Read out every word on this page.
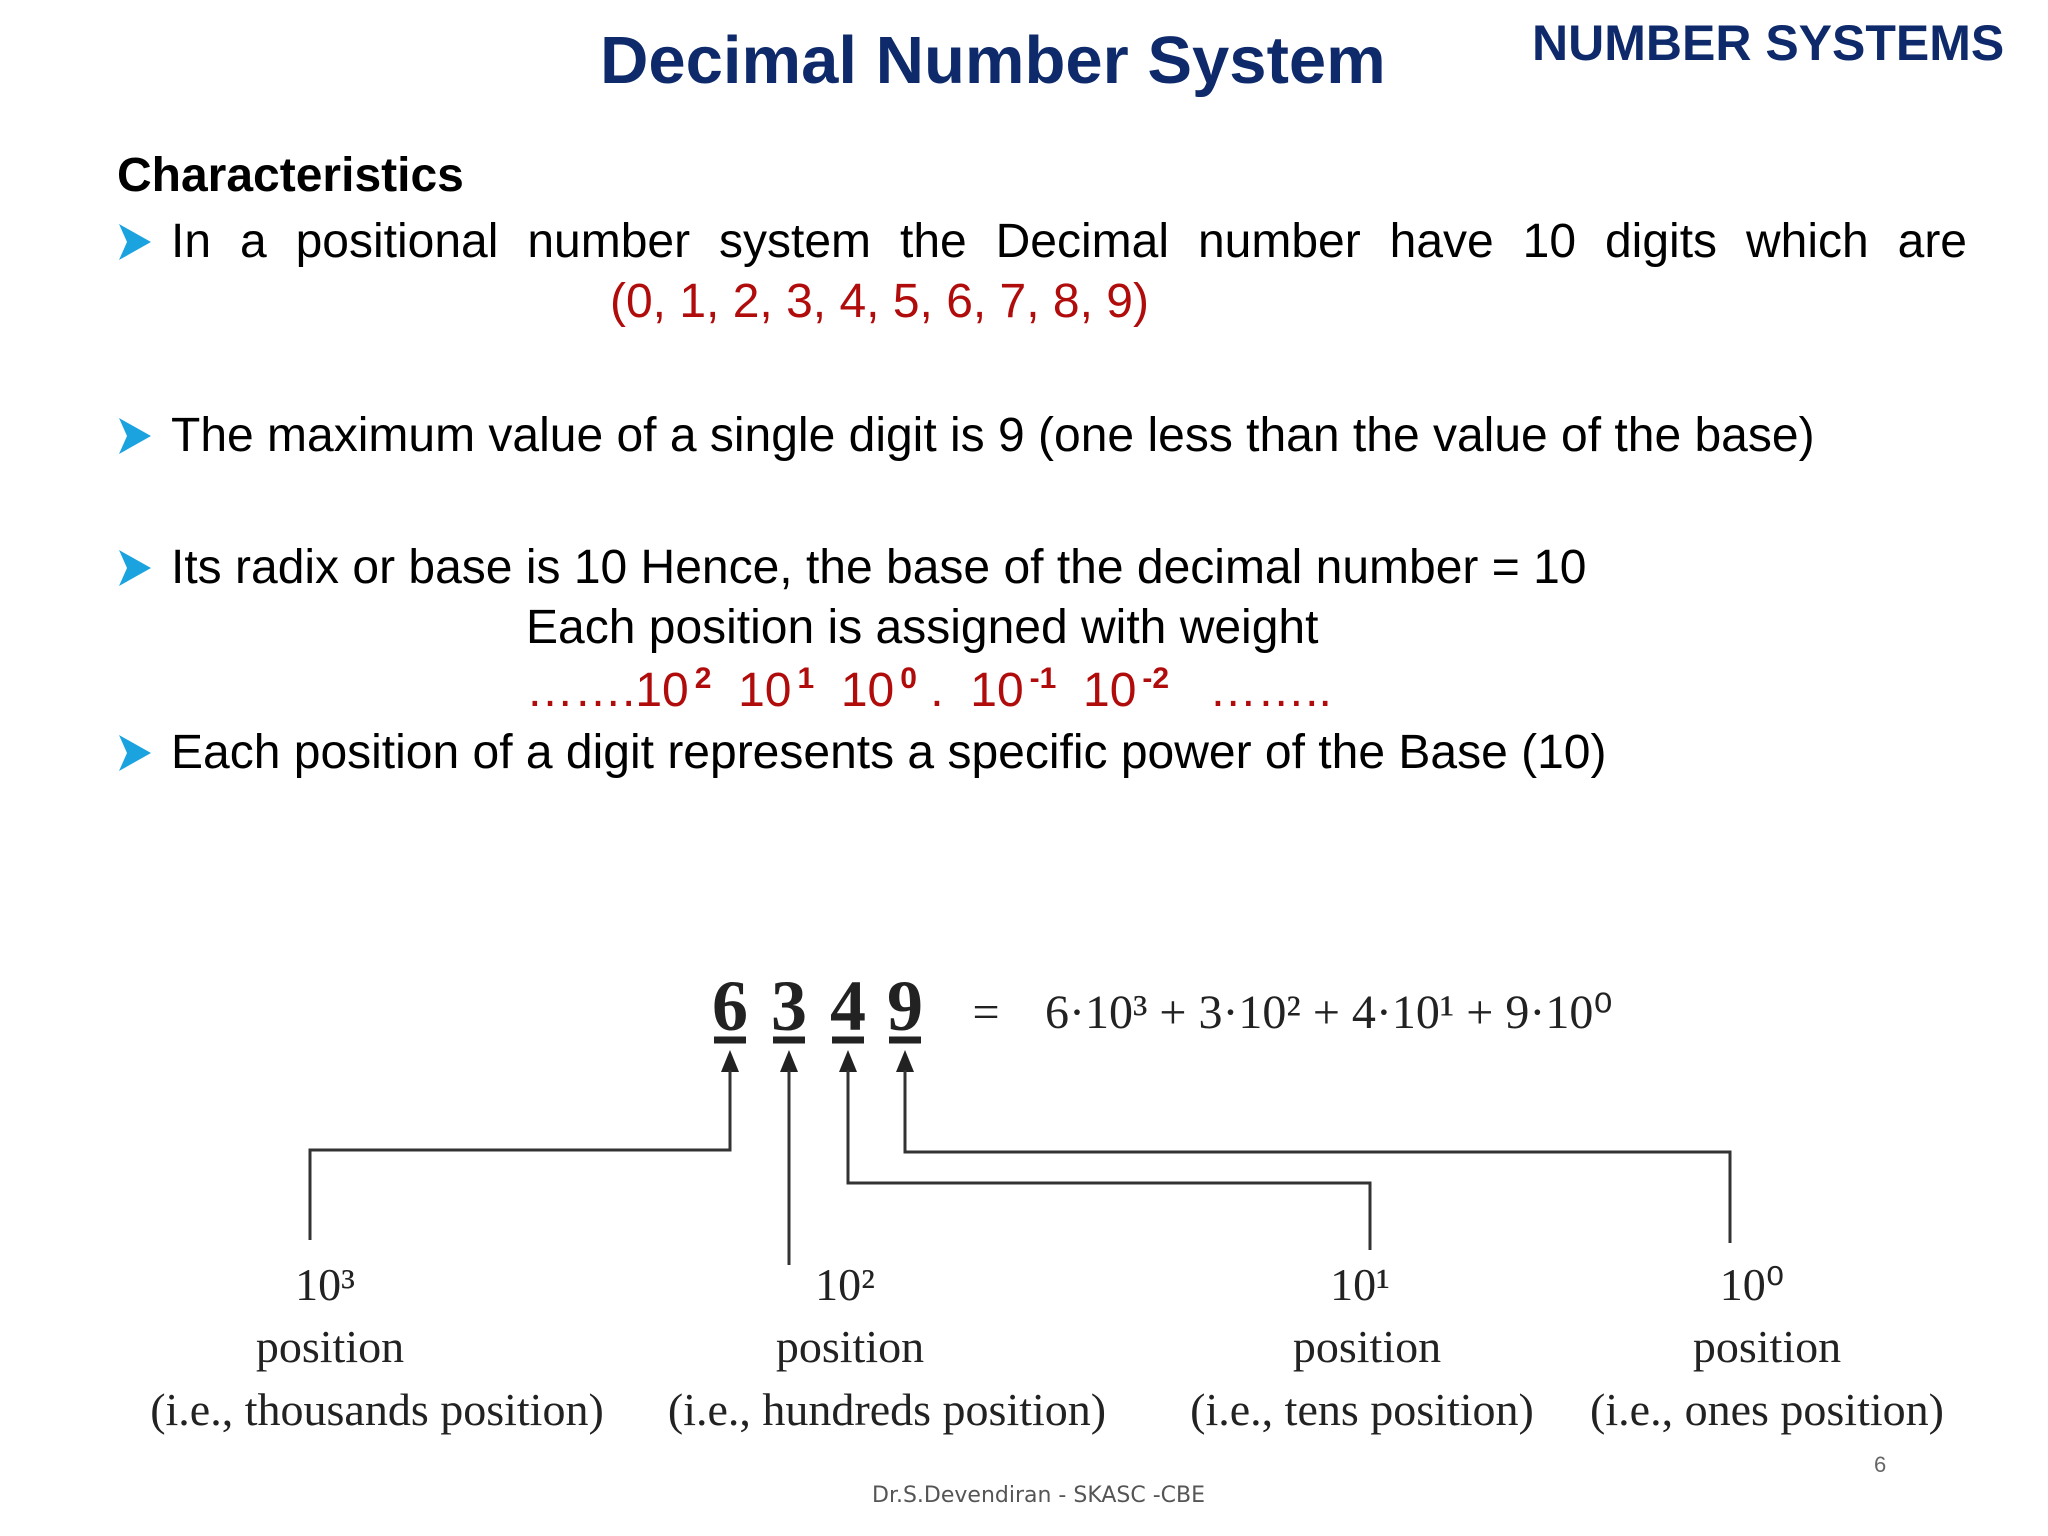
Decimal Number System	NUMBER SYSTEMS
Characteristics
In a positional number system the Decimal number have 10 digits which are
(0, 1, 2, 3, 4, 5, 6, 7, 8, 9)
The maximum value of a single digit is 9 (one less than the value of the base)
Its radix or base is 10 Hence, the base of the decimal number = 10
Each position is assigned with weight
…….10 $^2$ 10 $^1$ 10 $^0$ . 10 $^{-1}$ 10 $^{-2}$ ……..
Each position of a digit represents a specific power of the Base (10)
6 3 4 9 = 6·10³ + 3·10² + 4·10¹ + 9·10⁰
10³
position
(i.e., thousands position)
10²
position
(i.e., hundreds position)
10¹
position
(i.e., tens position)
10⁰
position
(i.e., ones position)
6
Dr.S.Devendiran - SKASC -CBE
